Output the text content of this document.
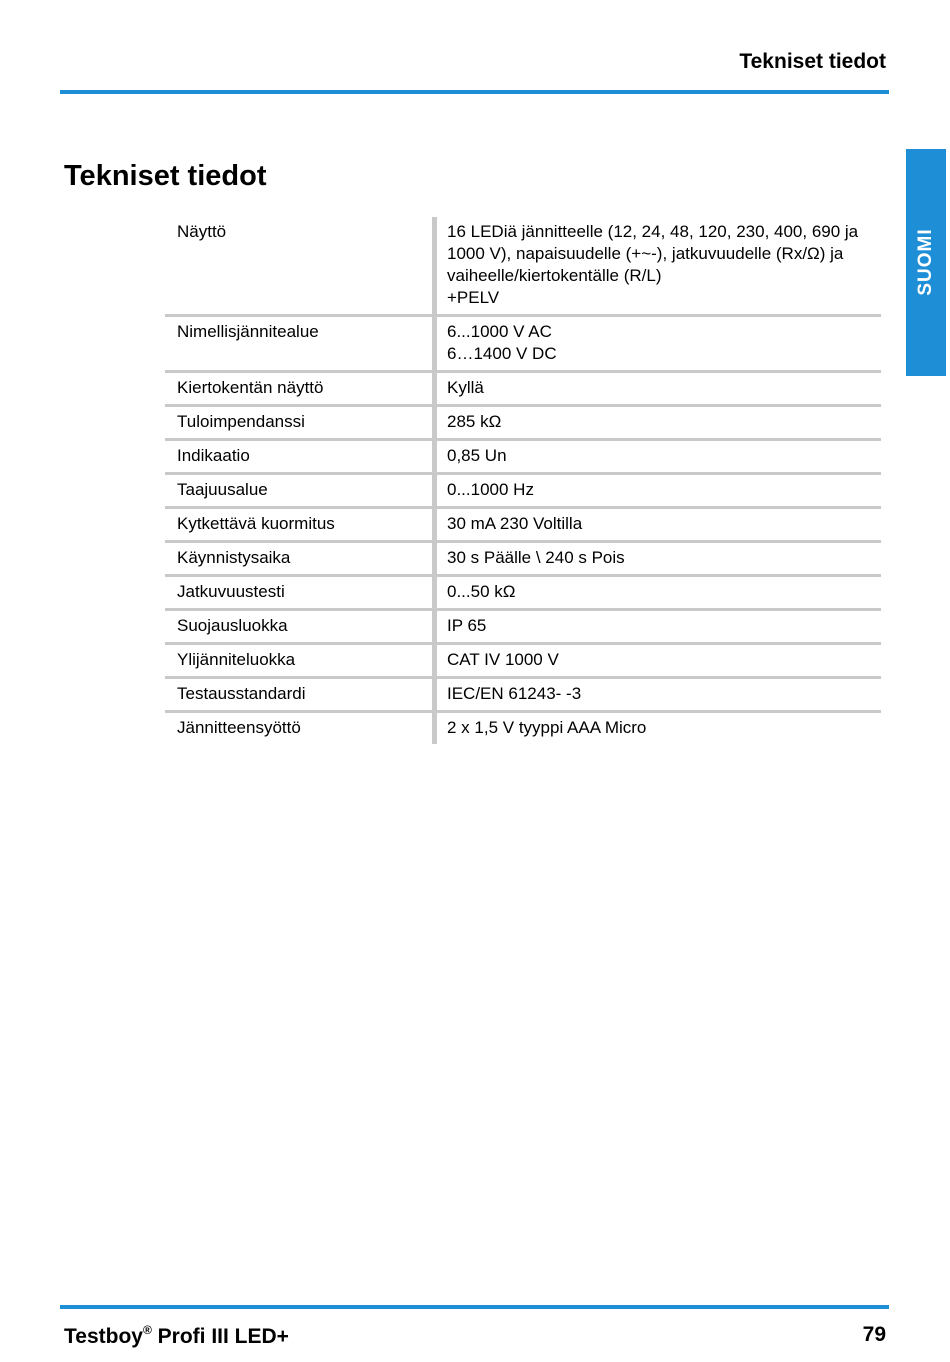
Tekniset tiedot
SUOMI
Tekniset tiedot
Näyttö	16 LEDiä jännitteelle (12, 24, 48, 120, 230, 400, 690 ja
1000 V), napaisuudelle (+~-), jatkuvuudelle (Rx/Ω) ja
vaiheelle/kiertokentälle (R/L)
+PELV

Nimellisjännitealue	6...1000 V AC
6…1400 V DC

Kiertokentän näyttö	Kyllä

Tuloimpendanssi	285 kΩ

Indikaatio	0,85 Un

Taajuusalue	0...1000 Hz

Kytkettävä kuormitus	30 mA 230 Voltilla

Käynnistysaika	30 s Päälle \ 240 s Pois

Jatkuvuustesti	0...50 kΩ

Suojausluokka	IP 65

Ylijänniteluokka	CAT IV 1000 V

Testausstandardi	IEC/EN 61243- -3

Jännitteensyöttö	2 x 1,5 V tyyppi AAA Micro
Testboy® Profi III LED+	79
